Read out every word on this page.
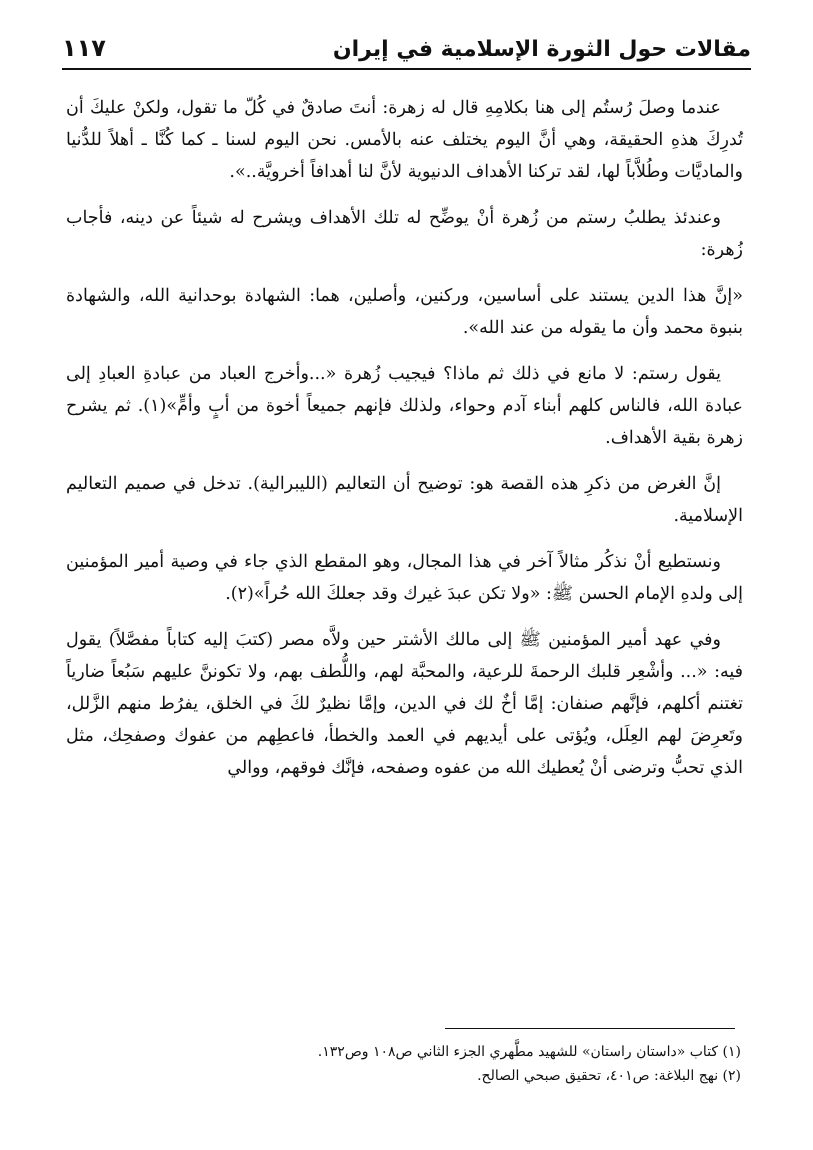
مقالات حول الثورة الإسلامية في إيران
١١٧

عندما وصلَ رُستُم إلى هنا بكلامِهِ قال له زهرة: أنتَ صادقٌ في كُلّ ما تقول، ولكنْ عليكَ أن تُدرِكَ هذهِ الحقيقة، وهي أنَّ اليوم يختلف عنه بالأمس. نحن اليوم لسنا ـ كما كُنَّا ـ أهلاً للدُّنيا والماديَّات وطُلاَّباً لها، لقد تركنا الأهداف الدنيوية لأنَّ لنا أهدافاً أخرويَّة..».

وعندئذ يطلبُ رستم من زُهرة أنْ يوضِّح له تلك الأهداف ويشرح له شيئاً عن دينه، فأجاب زُهرة:

«إنَّ هذا الدين يستند على أساسين، وركنين، وأصلين، هما: الشهادة بوحدانية الله، والشهادة بنبوة محمد وأن ما يقوله من عند الله».

يقول رستم: لا مانع في ذلك ثم ماذا؟ فيجيب زُهرة «...وأخرج العباد من عبادةِ العبادِ إلى عبادة الله، فالناس كلهم أبناء آدم وحواء، ولذلك فإنهم جميعاً أخوة من أبٍ وأمٍّ»(١). ثم يشرح زهرة بقية الأهداف.

إنَّ الغرض من ذكرِ هذه القصة هو: توضيح أن التعاليم (الليبرالية). تدخل في صميم التعاليم الإسلامية.

ونستطيع أنْ نذكُر مثالاً آخر في هذا المجال، وهو المقطع الذي جاء في وصية أمير المؤمنين إلى ولدهِ الإمام الحسن ﷺ: «ولا تكن عبدَ غيرك وقد جعلكَ الله حُراً»(٢).

وفي عهد أمير المؤمنين ﷺ إلى مالك الأشتر حين ولاَّه مصر (كتبَ إليه كتاباً مفصَّلاً) يقول فيه: «... وأشْعِر قلبك الرحمةَ للرعية، والمحبَّة لهم، واللُّطف بهم، ولا تكوننَّ عليهم سَبُعاً ضارياً تغتنم أكلهم، فإنَّهم صنفان: إمَّا أخٌ لك في الدين، وإمَّا نظيرٌ لكَ في الخلق، يفرُط منهم الزَّلل، وتَعرِضَ لهم العِلَل، ويُؤتى على أيديهم في العمد والخطأ، فاعطِهم من عفوك وصفحِك، مثل الذي تحبُّ وترضى أنْ يُعطيك الله من عفوه وصفحه، فإنَّك فوقهم، ووالي

(١) كتاب «داستان راستان» للشهيد مطَّهري الجزء الثاني ص١٠٨ وص١٣٢.
(٢) نهج البلاغة: ص٤٠١، تحقيق صبحي الصالح.
